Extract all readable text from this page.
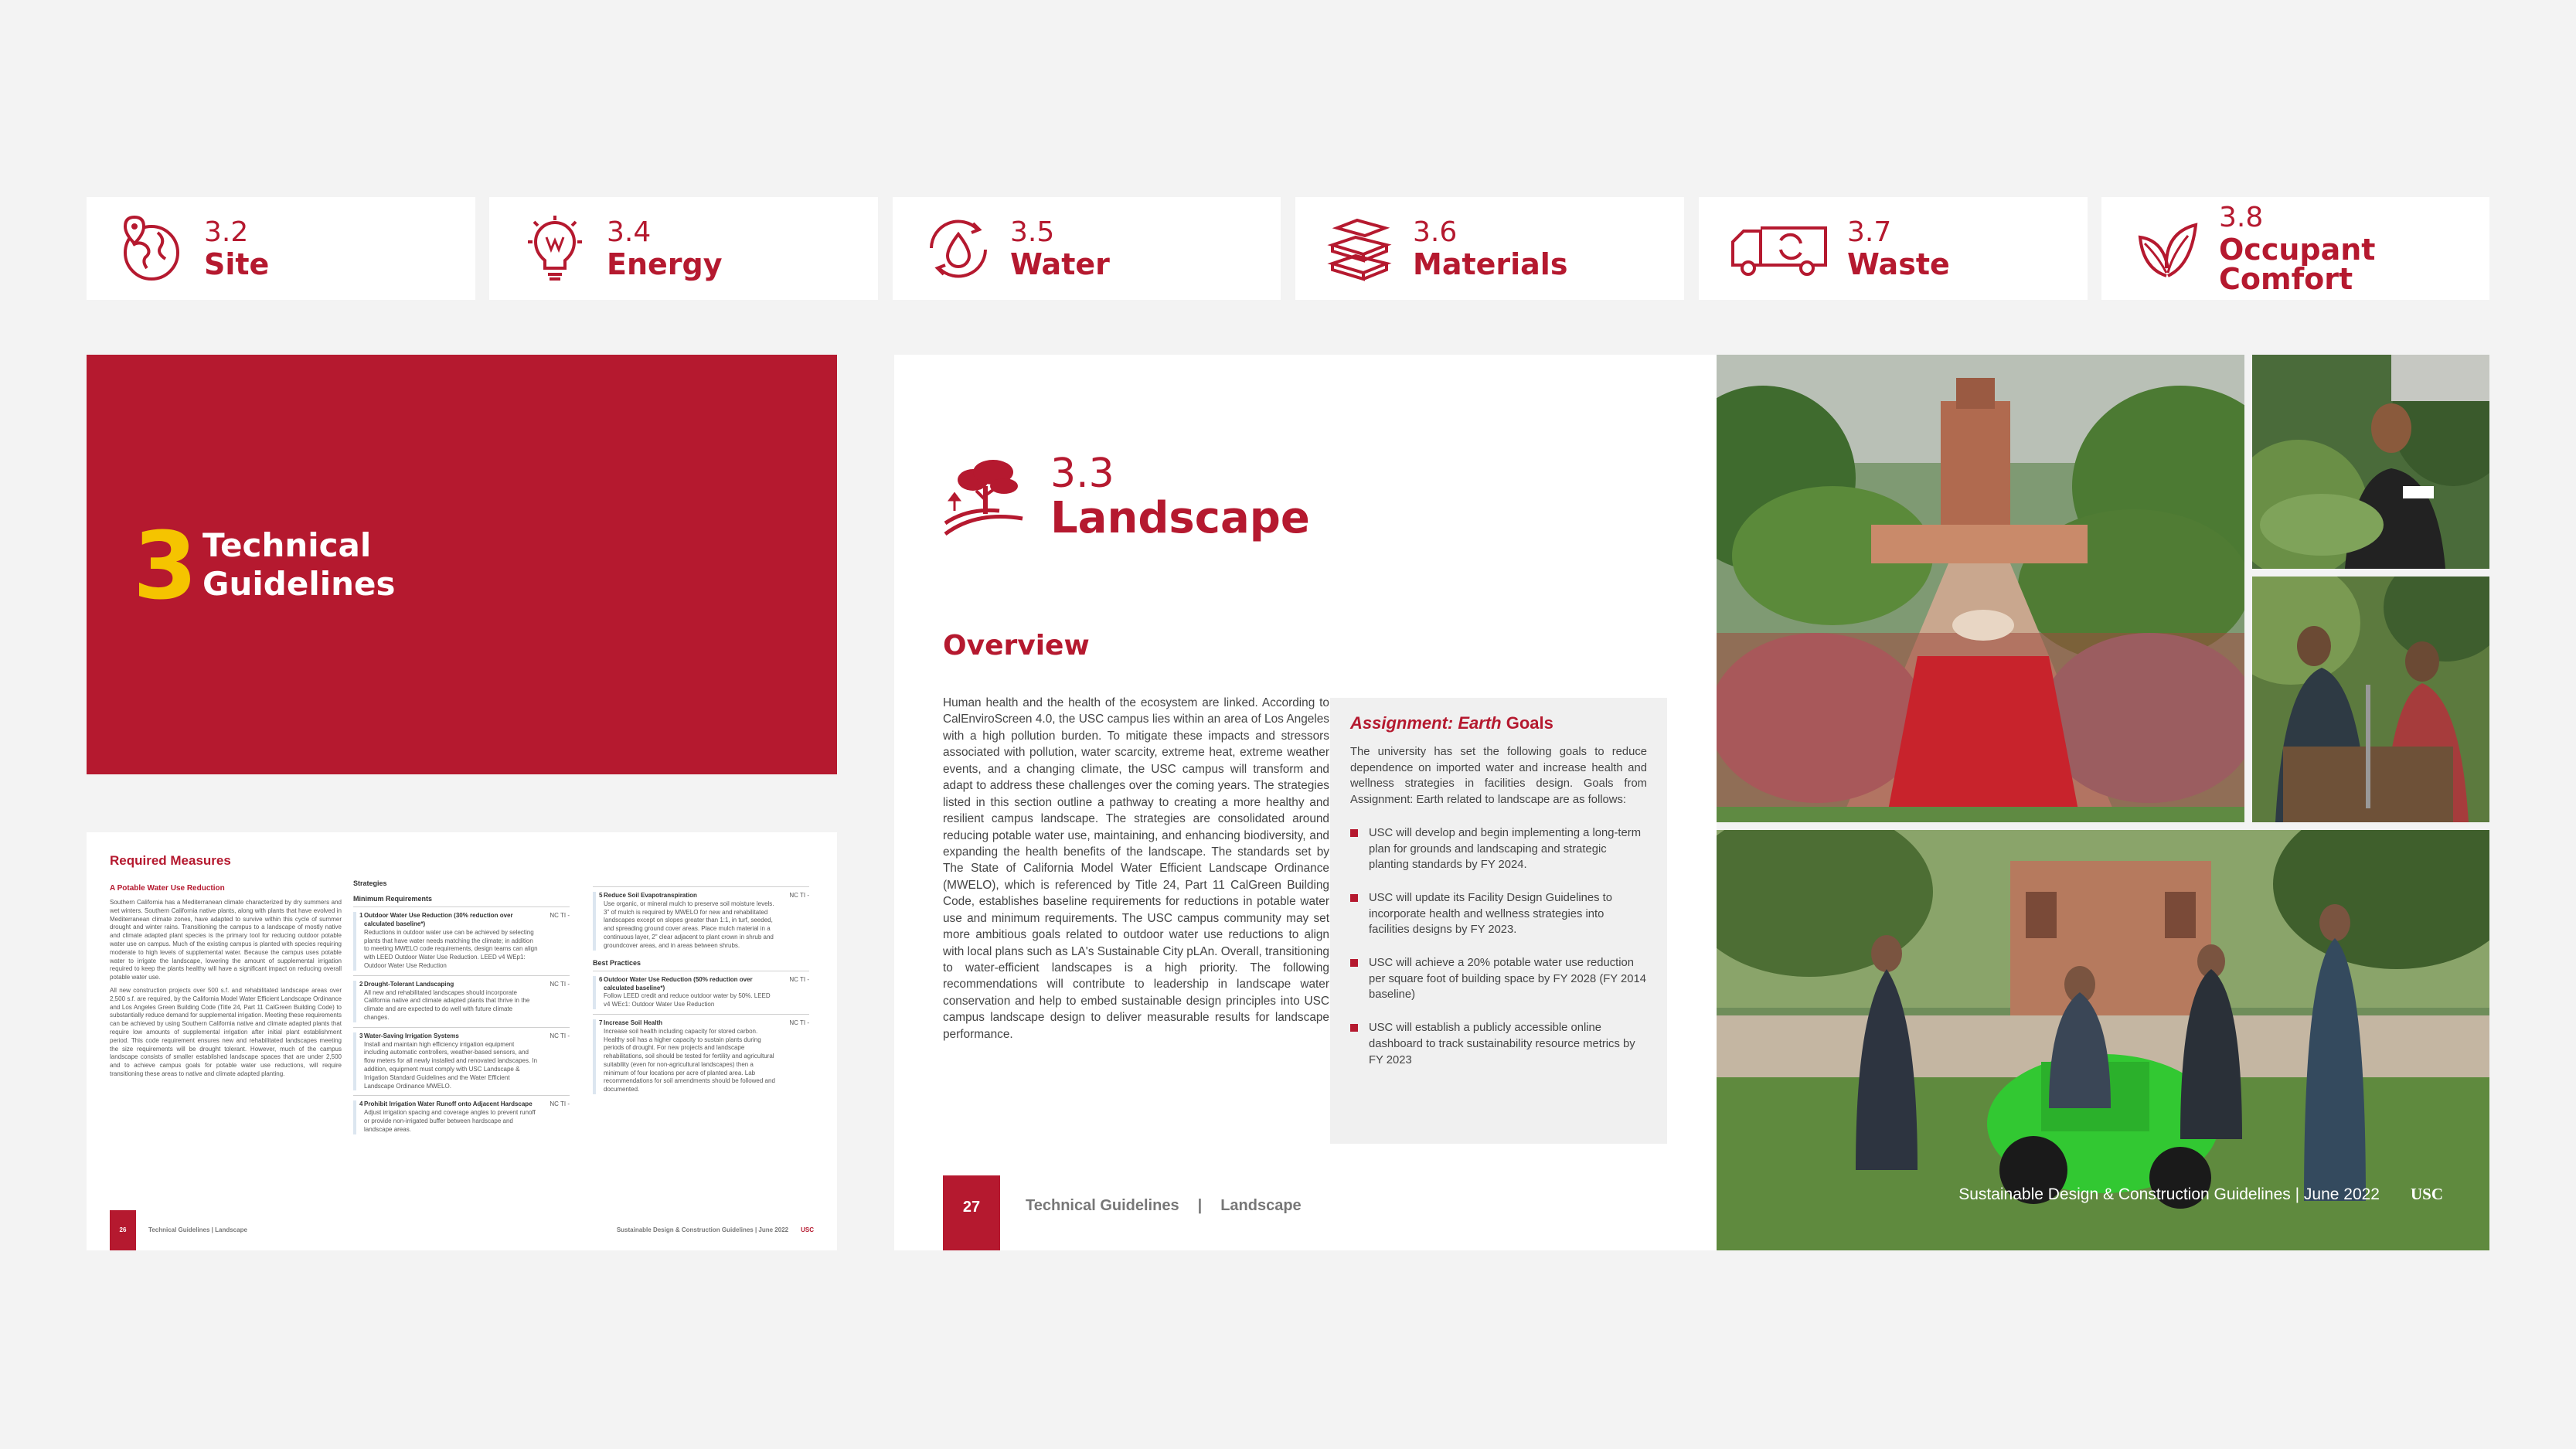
3.2
Site
3.4
Energy
3.5
Water
3.6
Materials
3.7
Waste
3.8
Occupant Comfort
3 Technical
Guidelines
Required Measures
A Potable Water Use Reduction

Southern California has a Mediterranean climate characterized by dry summers and wet winters. Southern California native plants, along with plants that have evolved in Mediterranean climate zones, have adapted to survive within this cycle of summer drought and winter rains. Transitioning the campus to a landscape of mostly native and climate adapted plant species is the primary tool for reducing outdoor potable water use on campus. Much of the existing campus is planted with species requiring moderate to high levels of supplemental water. Because the campus uses potable water to irrigate the landscape, lowering the amount of supplemental irrigation required to keep the plants healthy will have a significant impact on reducing overall potable water use.

All new construction projects over 500 s.f. and rehabilitated landscape areas over 2,500 s.f. are required, by the California Model Water Efficient Landscape Ordinance and Los Angeles Green Building Code (Title 24, Part 11 CalGreen Building Code) to substantially reduce demand for supplemental irrigation. Meeting these requirements can be achieved by using Southern California native and climate adapted plants that require low amounts of supplemental irrigation after initial plant establishment period. This code requirement ensures new and rehabilitated landscapes meeting the size requirements will be drought tolerant. However, much of the campus landscape consists of smaller established landscape spaces that are under 2,500 and to achieve campus goals for potable water use reductions, will require transitioning these areas to native and climate adapted planting.

Strategies
Minimum Requirements
1 Outdoor Water Use Reduction (30% reduction over calculated baseline*)
Reductions in outdoor water use can be achieved by selecting plants that have water needs matching the climate; in addition to meeting MWELO code requirements, design teams can align with LEED Outdoor Water Use Reduction. LEED v4 WEp1: Outdoor Water Use Reduction
NC TI -
2 Drought-Tolerant Landscaping
All new and rehabilitated landscapes should incorporate California native and climate adapted plants that thrive in the climate and are expected to do well with future climate changes.
NC TI -
3 Water-Saving Irrigation Systems
Install and maintain high efficiency irrigation equipment including automatic controllers, weather-based sensors, and flow meters for all newly installed and renovated landscapes. In addition, equipment must comply with USC Landscape & Irrigation Standard Guidelines and the Water Efficient Landscape Ordinance MWELO.
NC TI -
4 Prohibit Irrigation Water Runoff onto Adjacent Hardscape
Adjust irrigation spacing and coverage angles to prevent runoff or provide non-irrigated buffer between hardscape and landscape areas.
NC TI -
5 Reduce Soil Evapotranspiration
Use organic, or mineral mulch to preserve soil moisture levels. 3" of mulch is required by MWELO for new and rehabilitated landscapes except on slopes greater than 1:1, in turf, seeded, and spreading ground cover areas. Place mulch material in a continuous layer, 2" clear adjacent to plant crown in shrub and groundcover areas, and in areas between shrubs.
NC TI -
Best Practices
6 Outdoor Water Use Reduction (50% reduction over calculated baseline*)
Follow LEED credit and reduce outdoor water by 50%. LEED v4 WEc1: Outdoor Water Use Reduction
NC TI -
7 Increase Soil Health
Increase soil health including capacity for stored carbon. Healthy soil has a higher capacity to sustain plants during periods of drought. For new projects and landscape rehabilitations, soil should be tested for fertility and agricultural suitability (even for non-agricultural landscapes) then a minimum of four locations per acre of planted area. Lab recommendations for soil amendments should be followed and documented.
NC TI -
26	Technical Guidelines | Landscape	Sustainable Design & Construction Guidelines | June 2022 USC
3.3
Landscape
Overview
Human health and the health of the ecosystem are linked. According to CalEnviroScreen 4.0, the USC campus lies within an area of Los Angeles with a high pollution burden. To mitigate these impacts and stressors associated with pollution, water scarcity, extreme heat, extreme weather events, and a changing climate, the USC campus will transform and adapt to address these challenges over the coming years. The strategies listed in this section outline a pathway to creating a more healthy and resilient campus landscape. The strategies are consolidated around reducing potable water use, maintaining, and enhancing biodiversity, and expanding the health benefits of the landscape. The standards set by The State of California Model Water Efficient Landscape Ordinance (MWELO), which is referenced by Title 24, Part 11 CalGreen Building Code, establishes baseline requirements for reductions in potable water use and minimum requirements. The USC campus community may set more ambitious goals related to outdoor water use reductions to align with local plans such as LA's Sustainable City pLAn. Overall, transitioning to water-efficient landscapes is a high priority. The following recommendations will contribute to leadership in landscape water conservation and help to embed sustainable design principles into USC campus landscape design to deliver measurable results for landscape performance.
Assignment: Earth Goals
The university has set the following goals to reduce dependence on imported water and increase health and wellness strategies in facilities design. Goals from Assignment: Earth related to landscape are as follows:
USC will develop and begin implementing a long-term plan for grounds and landscaping and strategic planting standards by FY 2024.
USC will update its Facility Design Guidelines to incorporate health and wellness strategies into facilities designs by FY 2023.
USC will achieve a 20% potable water use reduction per square foot of building space by FY 2028 (FY 2014 baseline)
USC will establish a publicly accessible online dashboard to track sustainability resource metrics by FY 2023
27	Technical Guidelines | Landscape
Sustainable Design & Construction Guidelines | June 2022 USC
